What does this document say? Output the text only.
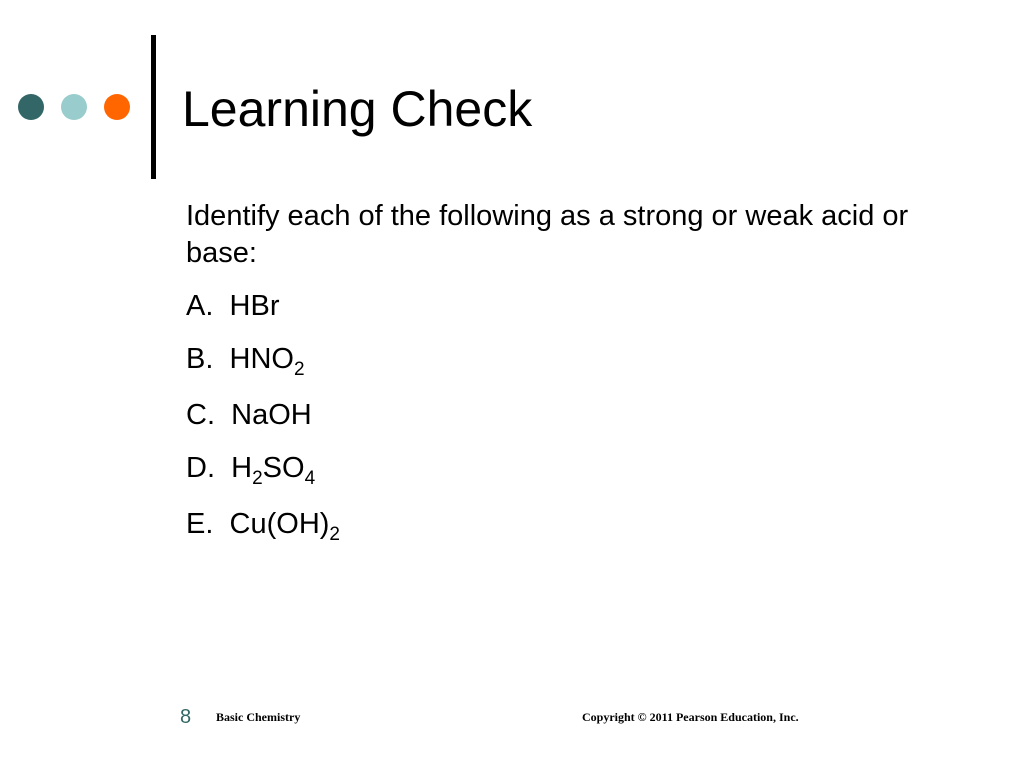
Learning Check

Identify each of the following as a strong or weak acid or base:

A. HBr

B. $HNO_2$

C. NaOH

D. $H_2SO_4$

E. $Cu(OH)_2$

8 Basic Chemistry	Copyright © 2011 Pearson Education, Inc.
